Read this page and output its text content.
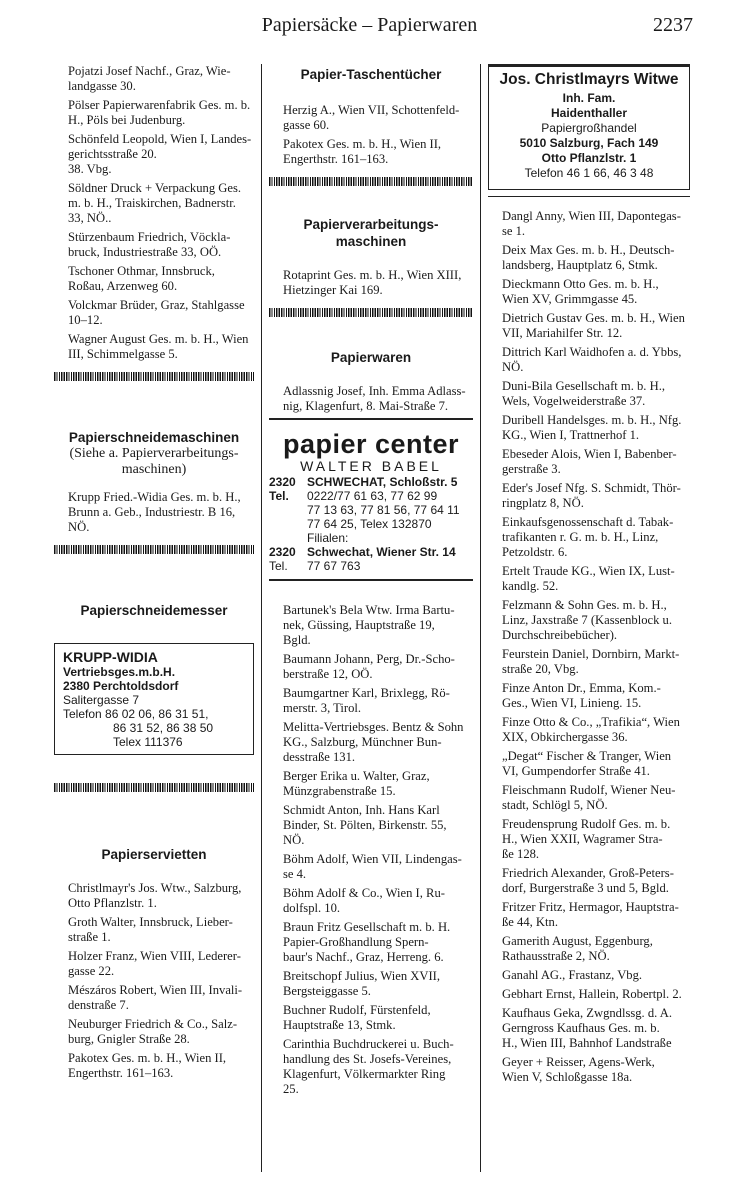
Papiersäcke – Papierwaren	2237
Pojatzi Josef Nachf., Graz, Wie-
landgasse 30.
Pölser Papierwarenfabrik Ges. m. b.
H., Pöls bei Judenburg.
Schönfeld Leopold, Wien I, Landes-
gerichtsstraße 20.
38. Vbg.
Söldner Druck + Verpackung Ges.
m. b. H., Traiskirchen, Badnerstr.
33, NÖ..
Stürzenbaum Friedrich, Vöckla-
bruck, Industriestraße 33, OÖ.
Tschoner Othmar, Innsbruck,
Roßau, Arzenweg 60.
Volckmar Brüder, Graz, Stahlgasse
10–12.
Wagner August Ges. m. b. H., Wien
III, Schimmelgasse 5.
Papierschneidemaschinen
(Siehe a. Papierverarbeitungs-
maschinen)
Krupp Fried.-Widia Ges. m. b. H.,
Brunn a. Geb., Industriestr. B 16,
NÖ.
Papierschneidemesser
KRUPP-WIDIA
Vertriebsges.m.b.H.
2380 Perchtoldsdorf
Salitergasse 7
Telefon 86 02 06, 86 31 51,
86 31 52, 86 38 50
Telex 111376
Papierservietten
Christlmayr's Jos. Wtw., Salzburg,
Otto Pflanzlstr. 1.
Groth Walter, Innsbruck, Lieber-
straße 1.
Holzer Franz, Wien VIII, Lederer-
gasse 22.
Mészáros Robert, Wien III, Invali-
denstraße 7.
Neuburger Friedrich & Co., Salz-
burg, Gnigler Straße 28.
Pakotex Ges. m. b. H., Wien II,
Engerthstr. 161–163.
Papier-Taschentücher
Herzig A., Wien VII, Schottenfeld-
gasse 60.
Pakotex Ges. m. b. H., Wien II,
Engerthstr. 161–163.
Papierverarbeitungs-
maschinen
Rotaprint Ges. m. b. H., Wien XIII,
Hietzinger Kai 169.
Papierwaren
Adlassnig Josef, Inh. Emma Adlass-
nig, Klagenfurt, 8. Mai-Straße 7.
papier center
WALTER BABEL
2320 SCHWECHAT, Schloßstr. 5
Tel.	0222/77 61 63, 77 62 99
77 13 63, 77 81 56, 77 64 11
77 64 25, Telex 132870
Filialen:
2320 Schwechat, Wiener Str. 14
Tel.	77 67 763
Bartunek's Bela Wtw. Irma Bartu-
nek, Güssing, Hauptstraße 19,
Bgld.
Baumann Johann, Perg, Dr.-Scho-
berstraße 12, OÖ.
Baumgartner Karl, Brixlegg, Rö-
merstr. 3, Tirol.
Melitta-Vertriebsges. Bentz & Sohn
KG., Salzburg, Münchner Bun-
desstraße 131.
Berger Erika u. Walter, Graz,
Münzgrabenstraße 15.
Schmidt Anton, Inh. Hans Karl
Binder, St. Pölten, Birkenstr. 55,
NÖ.
Böhm Adolf, Wien VII, Lindengas-
se 4.
Böhm Adolf & Co., Wien I, Ru-
dolfspl. 10.
Braun Fritz Gesellschaft m. b. H.
Papier-Großhandlung Spern-
baur's Nachf., Graz, Herreng. 6.
Breitschopf Julius, Wien XVII,
Bergsteiggasse 5.
Buchner Rudolf, Fürstenfeld,
Hauptstraße 13, Stmk.
Carinthia Buchdruckerei u. Buch-
handlung des St. Josefs-Vereines,
Klagenfurt, Völkermarkter Ring
25.
Jos. Christlmayrs Witwe
Inh. Fam.
Haidenthaller
Papiergroßhandel
5010 Salzburg, Fach 149
Otto Pflanzlstr. 1
Telefon 46 1 66, 46 3 48
Dangl Anny, Wien III, Dapontegas-
se 1.
Deix Max Ges. m. b. H., Deutsch-
landsberg, Hauptplatz 6, Stmk.
Dieckmann Otto Ges. m. b. H.,
Wien XV, Grimmgasse 45.
Dietrich Gustav Ges. m. b. H., Wien
VII, Mariahilfer Str. 12.
Dittrich Karl Waidhofen a. d. Ybbs,
NÖ.
Duni-Bila Gesellschaft m. b. H.,
Wels, Vogelweiderstraße 37.
Duribell Handelsges. m. b. H., Nfg.
KG., Wien I, Trattnerhof 1.
Ebeseder Alois, Wien I, Babenber-
gerstraße 3.
Eder's Josef Nfg. S. Schmidt, Thör-
ringplatz 8, NÖ.
Einkaufsgenossenschaft d. Tabak-
trafikanten r. G. m. b. H., Linz,
Petzoldstr. 6.
Ertelt Traude KG., Wien IX, Lust-
kandlg. 52.
Felzmann & Sohn Ges. m. b. H.,
Linz, Jaxstraße 7 (Kassenblock u.
Durchschreibebücher).
Feurstein Daniel, Dornbirn, Markt-
straße 20, Vbg.
Finze Anton Dr., Emma, Kom.-
Ges., Wien VI, Linieng. 15.
Finze Otto & Co., „Trafikia“, Wien
XIX, Obkirchergasse 36.
„Degat“ Fischer & Tranger, Wien
VI, Gumpendorfer Straße 41.
Fleischmann Rudolf, Wiener Neu-
stadt, Schlögl 5, NÖ.
Freudensprung Rudolf Ges. m. b.
H., Wien XXII, Wagramer Stra-
ße 128.
Friedrich Alexander, Groß-Peters-
dorf, Burgerstraße 3 und 5, Bgld.
Fritzer Fritz, Hermagor, Hauptstra-
ße 44, Ktn.
Gamerith August, Eggenburg,
Rathausstraße 2, NÖ.
Ganahl AG., Frastanz, Vbg.
Gebhart Ernst, Hallein, Robertpl. 2.
Kaufhaus Geka, Zwgndlssg. d. A.
Gerngross Kaufhaus Ges. m. b.
H., Wien III, Bahnhof Landstraße
Geyer + Reisser, Agens-Werk,
Wien V, Schloßgasse 18a.
